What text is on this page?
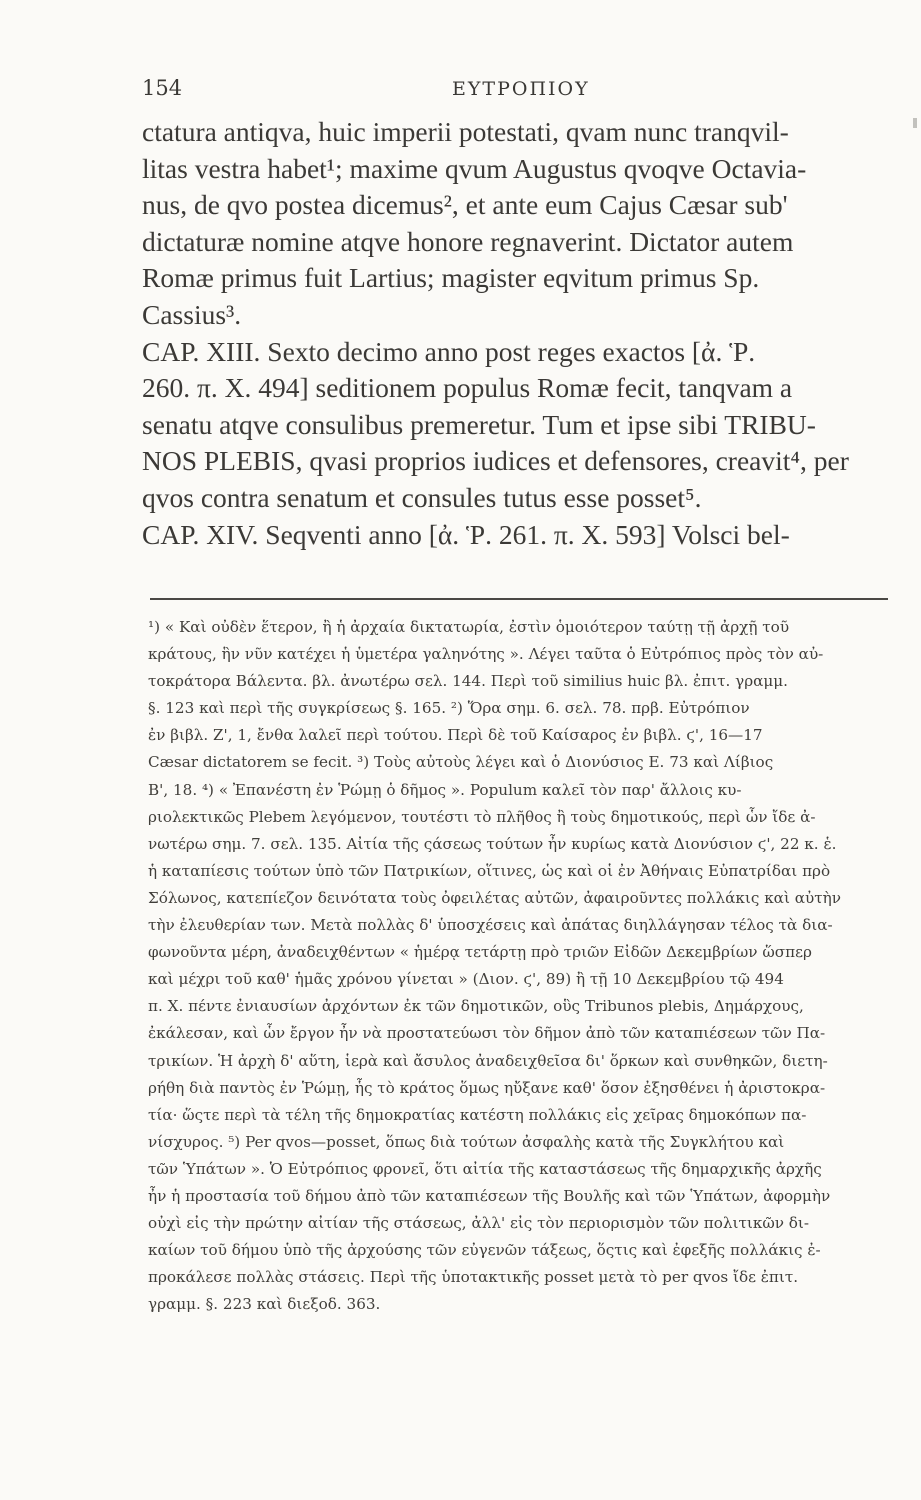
154	ΕΥΤΡΟΠΙΟΥ
ctatura antiqva, huic imperii potestati, qvam nunc tranqvil-
litas vestra habet¹; maxime qvum Augustus qvoqve Octavia-
nus, de qvo postea dicemus², et ante eum Cajus Cæsar sub'
dictaturæ nomine atqve honore regnaverint. Dictator autem
Romæ primus fuit Lartius; magister eqvitum primus Sp.
Cassius³.
CAP. XIII. Sexto decimo anno post reges exactos [ἀ. Ῥ.
260. π. Χ. 494] seditionem populus Romæ fecit, tanqvam a
senatu atqve consulibus premeretur. Tum et ipse sibi TRIBU-
NOS PLEBIS, qvasi proprios iudices et defensores, creavit⁴, per
qvos contra senatum et consules tutus esse posset⁵.
CAP. XIV. Seqventi anno [ἀ. Ῥ. 261. π. Χ. 593] Volsci bel-
¹) « Καὶ οὐδὲν ἕτερον, ἢ ἡ ἀρχαία δικτατωρία, ἐστὶν ὁμοιότερον ταύτῃ τῇ ἀρχῇ τοῦ
κράτους, ἣν νῦν κατέχει ἡ ὑμετέρα γαληνότης ». Λέγει ταῦτα ὁ Εὐτρόπιος πρὸς τὸν αὐ-
τοκράτορα Βάλεντα. βλ. ἀνωτέρω σελ. 144. Περὶ τοῦ similius huic βλ. ἐπιτ. γραμμ.
§. 123 καὶ περὶ τῆς συγκρίσεως §. 165. ²) Ὅρα σημ. 6. σελ. 78. πρβ. Εὐτρόπιον
ἐν βιβλ. Ζ', 1, ἔνθα λαλεῖ περὶ τούτου. Περὶ δὲ τοῦ Καίσαρος ἐν βιβλ. ϛ', 16—17
Cæsar dictatorem se fecit. ³) Τοὺς αὐτοὺς λέγει καὶ ὁ Διονύσιος Ε. 73 καὶ Λίβιος
Β', 18. ⁴) « Ἐπανέστη ἐν Ῥώμῃ ὁ δῆμος ». Populum καλεῖ τὸν παρ' ἄλλοις κυ-
ριολεκτικῶς Plebem λεγόμενον, τουτέστι τὸ πλῆθος ἢ τοὺς δημοτικούς, περὶ ὧν ἴδε ἀ-
νωτέρω σημ. 7. σελ. 135. Αἰτία τῆς ςάσεως τούτων ἦν κυρίως κατὰ Διονύσιον ϛ', 22 κ. ἑ.
ἡ καταπίεσις τούτων ὑπὸ τῶν Πατρικίων, οἵτινες, ὡς καὶ οἱ ἐν Ἀθήναις Εὐπατρίδαι πρὸ
Σόλωνος, κατεπίεζον δεινότατα τοὺς ὀφειλέτας αὐτῶν, ἀφαιροῦντες πολλάκις καὶ αὐτὴν
τὴν ἐλευθερίαν των. Μετὰ πολλὰς δ' ὑποσχέσεις καὶ ἀπάτας διηλλάγησαν τέλος τὰ δια-
φωνοῦντα μέρη, ἀναδειχθέντων « ἡμέρᾳ τετάρτῃ πρὸ τριῶν Εἰδῶν Δεκεμβρίων ὥσπερ
καὶ μέχρι τοῦ καθ' ἡμᾶς χρόνου γίνεται » (Διον. ϛ', 89) ἢ τῇ 10 Δεκεμβρίου τῷ 494
π. Χ. πέντε ἐνιαυσίων ἀρχόντων ἐκ τῶν δημοτικῶν, οὓς Tribunos plebis, Δημάρχους,
ἐκάλεσαν, καὶ ὧν ἔργον ἦν νὰ προστατεύωσι τὸν δῆμον ἀπὸ τῶν καταπιέσεων τῶν Πα-
τρικίων. Ἡ ἀρχὴ δ' αὕτη, ἱερὰ καὶ ἄσυλος ἀναδειχθεῖσα δι' ὅρκων καὶ συνθηκῶν, διετη-
ρήθη διὰ παντὸς ἐν Ῥώμῃ, ἧς τὸ κράτος ὅμως ηὔξανε καθ' ὅσον ἐξησθένει ἡ ἀριστοκρα-
τία· ὥςτε περὶ τὰ τέλη τῆς δημοκρατίας κατέστη πολλάκις εἰς χεῖρας δημοκόπων πα-
νίσχυρος. ⁵) Per qvos—posset, ὅπως διὰ τούτων ἀσφαλὴς κατὰ τῆς Συγκλήτου καὶ
τῶν Ὑπάτων ». Ὁ Εὐτρόπιος φρονεῖ, ὅτι αἰτία τῆς καταστάσεως τῆς δημαρχικῆς ἀρχῆς
ἦν ἡ προστασία τοῦ δήμου ἀπὸ τῶν καταπιέσεων τῆς Βουλῆς καὶ τῶν Ὑπάτων, ἀφορμὴν
οὐχὶ εἰς τὴν πρώτην αἰτίαν τῆς στάσεως, ἀλλ' εἰς τὸν περιορισμὸν τῶν πολιτικῶν δι-
καίων τοῦ δήμου ὑπὸ τῆς ἀρχούσης τῶν εὐγενῶν τάξεως, ὅςτις καὶ ἐφεξῆς πολλάκις ἐ-
προκάλεσε πολλὰς στάσεις. Περὶ τῆς ὑποτακτικῆς posset μετὰ τὸ per qvos ἴδε ἐπιτ.
γραμμ. §. 223 καὶ διεξοδ. 363.
